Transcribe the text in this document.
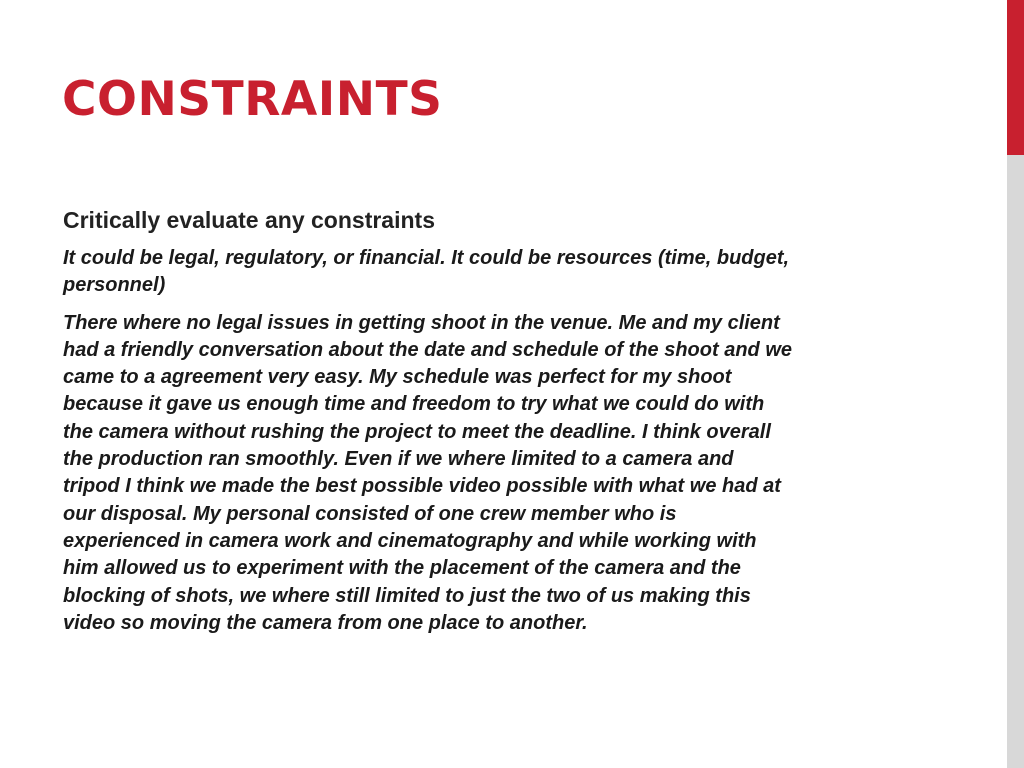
CONSTRAINTS

Critically evaluate any constraints

It could be legal, regulatory, or financial. It could be resources (time, budget,
personnel)

There where no legal issues in getting shoot in the venue. Me and my client
had a friendly conversation about the date and schedule of the shoot and we
came to a agreement very easy. My schedule was perfect for my shoot
because it gave us enough time and freedom to try what we could do with
the camera without rushing the project to meet the deadline. I think overall
the production ran smoothly. Even if we where limited to a camera and
tripod I think we made the best possible video possible with what we had at
our disposal. My personal consisted of one crew member who is
experienced in camera work and cinematography and while working with
him allowed us to experiment with the placement of the camera and the
blocking of shots, we where still limited to just the two of us making this
video so moving the camera from one place to another.
